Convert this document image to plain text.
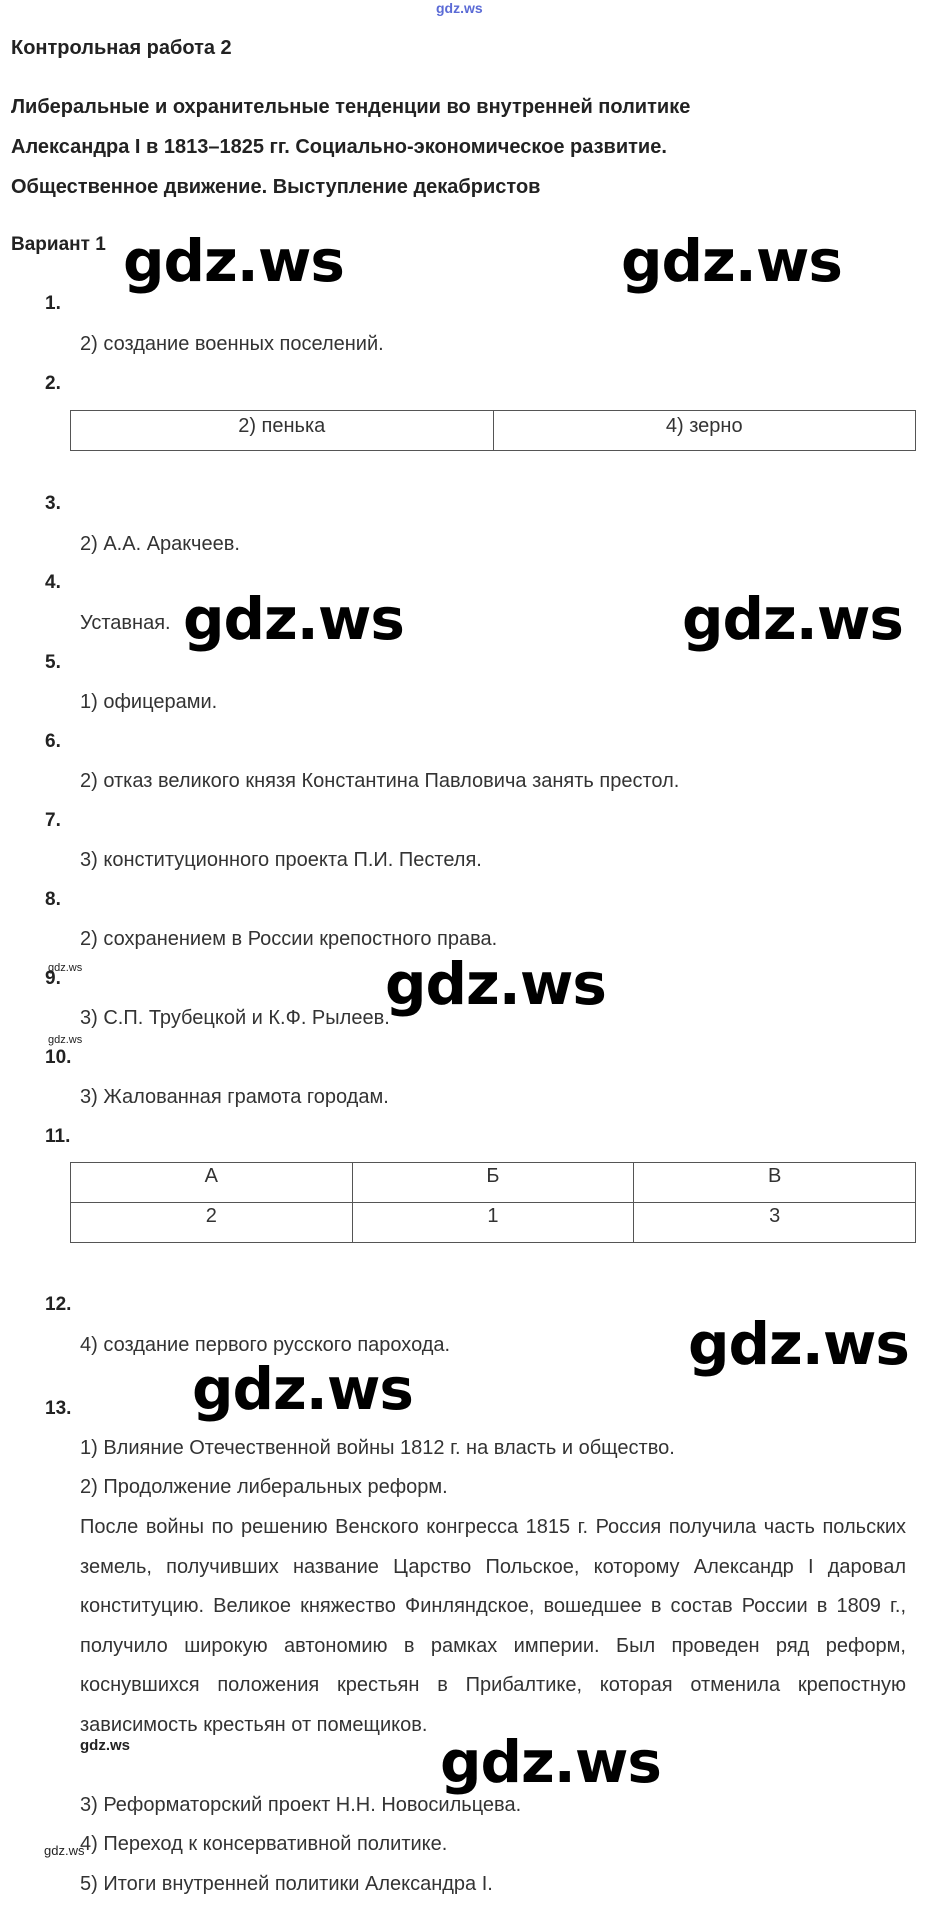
gdz.ws
Контрольная работа 2
Либеральные и охранительные тенденции во внутренней политике
Александра I в 1813–1825 гг. Социально-экономическое развитие.
Общественное движение. Выступление декабристов
Вариант 1
1.
2) создание военных поселений.
2.
2) пенька	4) зерно
3.
2) А.А. Аракчеев.
4.
Уставная.
5.
1) офицерами.
6.
2) отказ великого князя Константина Павловича занять престол.
7.
3) конституционного проекта П.И. Пестеля.
8.
2) сохранением в России крепостного права.
9.
3) С.П. Трубецкой и К.Ф. Рылеев.
10.
3) Жалованная грамота городам.
11.
А	Б	В
2	1	3
12.
4) создание первого русского парохода.
13.
1) Влияние Отечественной войны 1812 г. на власть и общество.
2) Продолжение либеральных реформ.
После войны по решению Венского конгресса 1815 г. Россия получила часть польских земель, получивших название Царство Польское, которому Александр I даровал конституцию. Великое княжество Финляндское, вошедшее в состав России в 1809 г., получило широкую автономию в рамках империи. Был проведен ряд реформ, коснувшихся положения крестьян в Прибалтике, которая отменила крепостную зависимость крестьян от помещиков.
3) Реформаторский проект Н.Н. Новосильцева.
4) Переход к консервативной политике.
5) Итоги внутренней политики Александра I.
gdz.ws	gdz.ws
gdz.ws	gdz.ws
gdz.ws
gdz.ws
gdz.ws
gdz.ws
gdz.ws
gdz.ws
gdz.ws
gdz.ws
